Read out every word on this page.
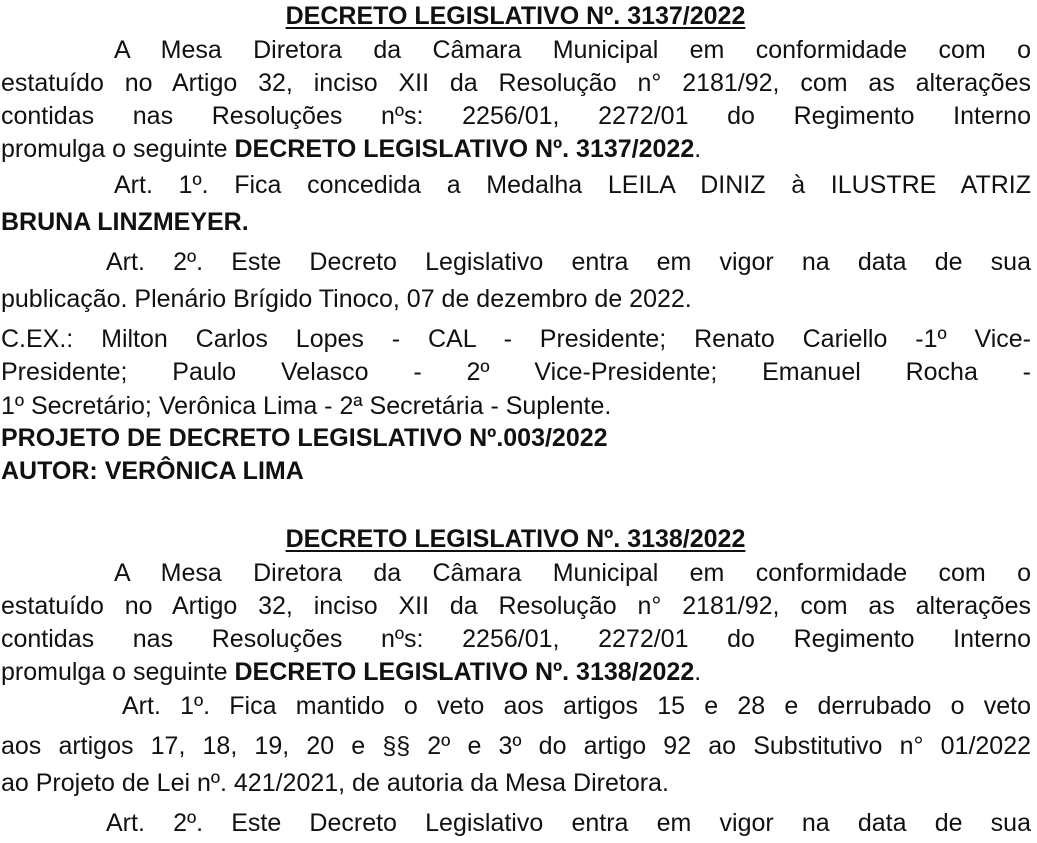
DECRETO LEGISLATIVO Nº. 3137/2022
A Mesa Diretora da Câmara Municipal em conformidade com o
estatuído no Artigo 32, inciso XII da Resolução n° 2181/92, com as alterações
contidas nas Resoluções nºs: 2256/01, 2272/01 do Regimento Interno
promulga o seguinte DECRETO LEGISLATIVO Nº. 3137/2022.
Art. 1º. Fica concedida a Medalha LEILA DINIZ à ILUSTRE ATRIZ
BRUNA LINZMEYER.
Art. 2º. Este Decreto Legislativo entra em vigor na data de sua
publicação. Plenário Brígido Tinoco, 07 de dezembro de 2022.
C.EX.: Milton Carlos Lopes - CAL - Presidente; Renato Cariello -1º Vice-
Presidente; Paulo Velasco - 2º Vice-Presidente; Emanuel Rocha -
1º Secretário; Verônica Lima - 2ª Secretária - Suplente.
PROJETO DE DECRETO LEGISLATIVO Nº.003/2022
AUTOR: VERÔNICA LIMA
DECRETO LEGISLATIVO Nº. 3138/2022
A Mesa Diretora da Câmara Municipal em conformidade com o
estatuído no Artigo 32, inciso XII da Resolução n° 2181/92, com as alterações
contidas nas Resoluções nºs: 2256/01, 2272/01 do Regimento Interno
promulga o seguinte DECRETO LEGISLATIVO Nº. 3138/2022.
Art. 1º. Fica mantido o veto aos artigos 15 e 28 e derrubado o veto
aos artigos 17, 18, 19, 20 e §§ 2º e 3º do artigo 92 ao Substitutivo n° 01/2022
ao Projeto de Lei nº. 421/2021, de autoria da Mesa Diretora.
Art. 2º. Este Decreto Legislativo entra em vigor na data de sua
